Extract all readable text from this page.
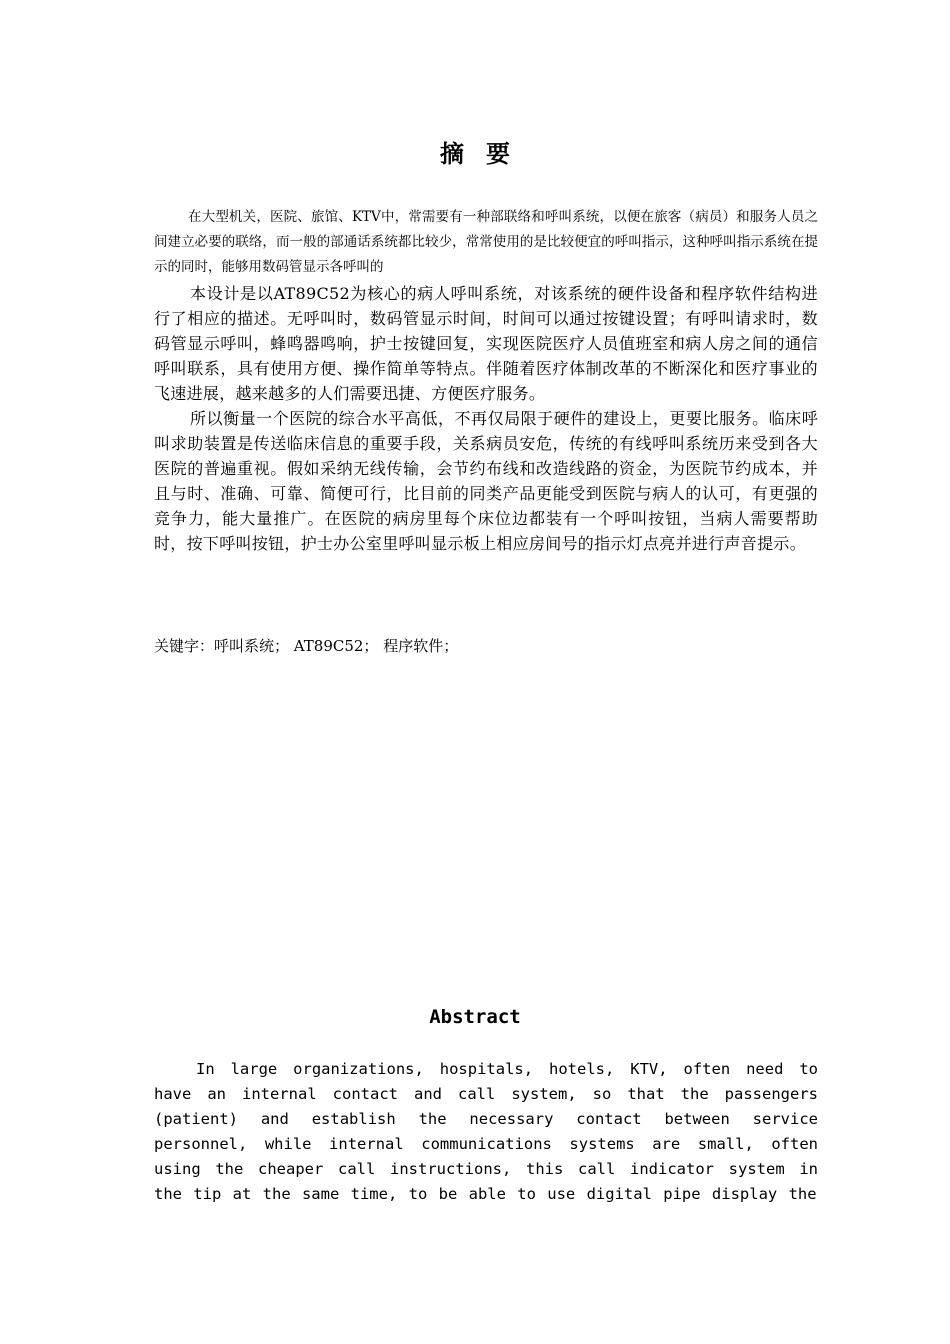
摘要

在大型机关，医院、旅馆、KTV中，常需要有一种部联络和呼叫系统，以便在旅客（病员）和服务人员之间建立必要的联络，而一般的部通话系统都比较少，常常使用的是比较便宜的呼叫指示，这种呼叫指示系统在提示的同时，能够用数码管显示各呼叫的

本设计是以AT89C52为核心的病人呼叫系统，对该系统的硬件设备和程序软件结构进行了相应的描述。无呼叫时，数码管显示时间，时间可以通过按键设置；有呼叫请求时，数码管显示呼叫，蜂鸣器鸣响，护士按键回复，实现医院医疗人员值班室和病人房之间的通信呼叫联系，具有使用方便、操作简单等特点。伴随着医疗体制改革的不断深化和医疗事业的飞速进展，越来越多的人们需要迅捷、方便医疗服务。

所以衡量一个医院的综合水平高低，不再仅局限于硬件的建设上，更要比服务。临床呼叫求助装置是传送临床信息的重要手段，关系病员安危，传统的有线呼叫系统历来受到各大医院的普遍重视。假如采纳无线传输，会节约布线和改造线路的资金，为医院节约成本，并且与时、准确、可靠、简便可行，比目前的同类产品更能受到医院与病人的认可，有更强的竞争力，能大量推广。在医院的病房里每个床位边都装有一个呼叫按钮，当病人需要帮助时，按下呼叫按钮，护士办公室里呼叫显示板上相应房间号的指示灯点亮并进行声音提示。

关键字：呼叫系统； AT89C52； 程序软件；
Abstract

In large organizations, hospitals, hotels, KTV, often need to have an internal contact and call system, so that the passengers (patient) and establish the necessary contact between service personnel, while internal communications systems are small, often using the cheaper call instructions, this call indicator system in the tip at the same time, to be able to use digital pipe display the
